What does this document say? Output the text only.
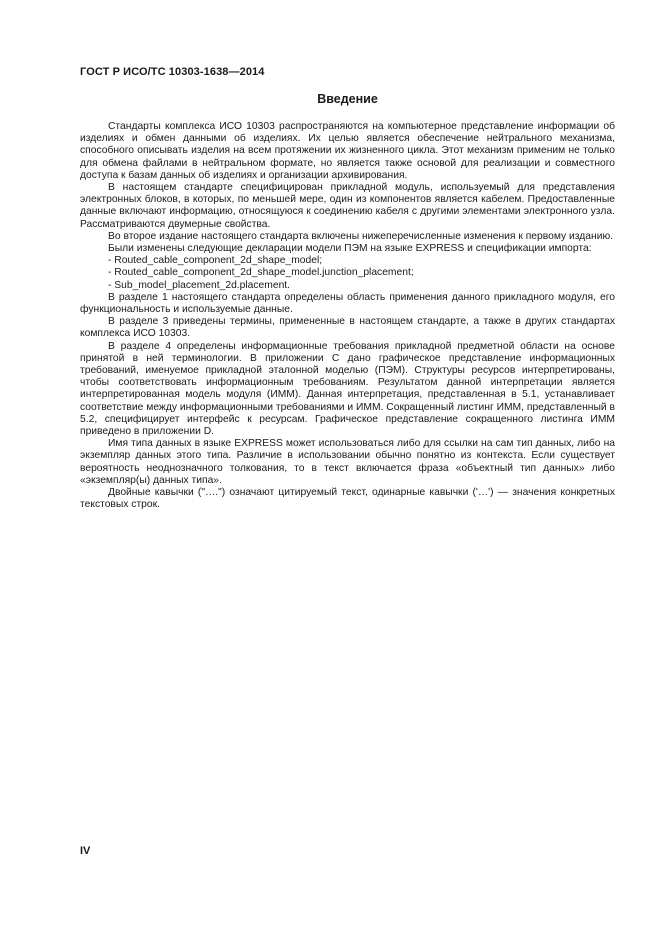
ГОСТ Р ИСО/ТС 10303-1638—2014
Введение

Стандарты комплекса ИСО 10303 распространяются на компьютерное представление информации об изделиях и обмен данными об изделиях. Их целью является обеспечение нейтрального механизма, способного описывать изделия на всем протяжении их жизненного цикла. Этот механизм применим не только для обмена файлами в нейтральном формате, но является также основой для реализации и совместного доступа к базам данных об изделиях и организации архивирования.

В настоящем стандарте специфицирован прикладной модуль, используемый для представления электронных блоков, в которых, по меньшей мере, один из компонентов является кабелем. Предоставленные данные включают информацию, относящуюся к соединению кабеля с другими элементами электронного узла. Рассматриваются двумерные свойства.

Во второе издание настоящего стандарта включены нижеперечисленные изменения к первому изданию.

Были изменены следующие декларации модели ПЭМ на языке EXPRESS и спецификации импорта:

- Routed_cable_component_2d_shape_model;

- Routed_cable_component_2d_shape_model.junction_placement;

- Sub_model_placement_2d.placement.

В разделе 1 настоящего стандарта определены область применения данного прикладного модуля, его функциональность и используемые данные.

В разделе 3 приведены термины, примененные в настоящем стандарте, а также в других стандартах комплекса ИСО 10303.

В разделе 4 определены информационные требования прикладной предметной области на основе принятой в ней терминологии. В приложении С дано графическое представление информационных требований, именуемое прикладной эталонной моделью (ПЭМ). Структуры ресурсов интерпретированы, чтобы соответствовать информационным требованиям. Результатом данной интерпретации является интерпретированная модель модуля (ИММ). Данная интерпретация, представленная в 5.1, устанавливает соответствие между информационными требованиями и ИММ. Сокращенный листинг ИММ, представленный в 5.2, специфицирует интерфейс к ресурсам. Графическое представление сокращенного листинга ИММ приведено в приложении D.

Имя типа данных в языке EXPRESS может использоваться либо для ссылки на сам тип данных, либо на экземпляр данных этого типа. Различие в использовании обычно понятно из контекста. Если существует вероятность неоднозначного толкования, то в текст включается фраза «объектный тип данных» либо «экземпляр(ы) данных типа».

Двойные кавычки ("….") означают цитируемый текст, одинарные кавычки ('…') — значения конкретных текстовых строк.

IV
